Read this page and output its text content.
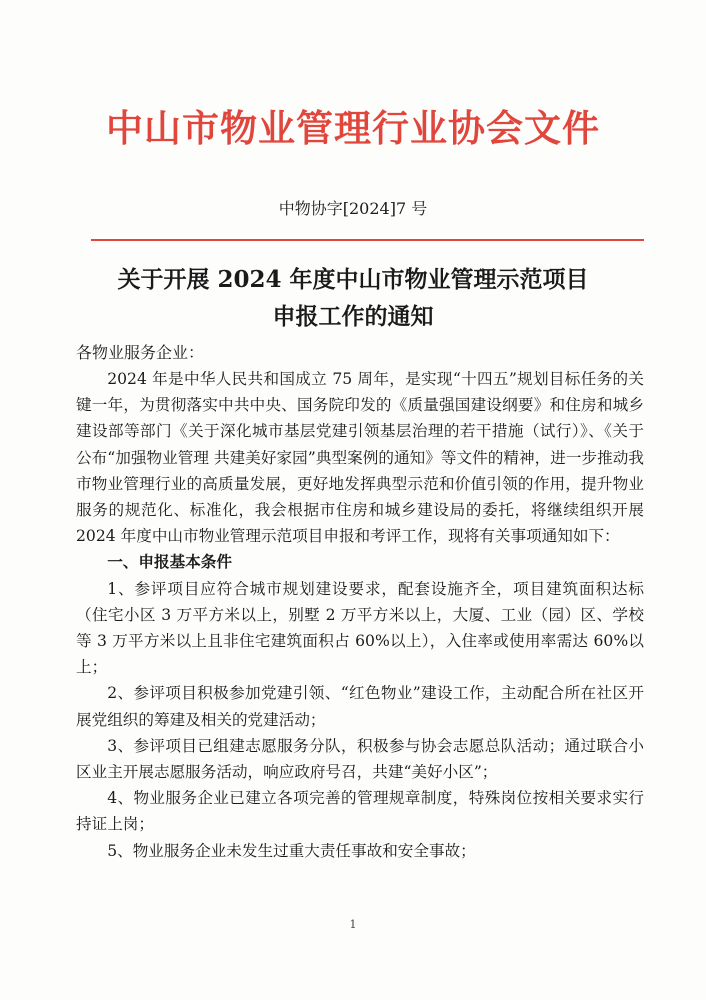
中山市物业管理行业协会文件
中物协字[2024]7 号
关于开展 2024 年度中山市物业管理示范项目
申报工作的通知
各物业服务企业：

2024 年是中华人民共和国成立 75 周年，是实现“十四五”规划目标任务的关键一年，为贯彻落实中共中央、国务院印发的《质量强国建设纲要》和住房和城乡建设部等部门《关于深化城市基层党建引领基层治理的若干措施（试行）》、《关于公布“加强物业管理 共建美好家园”典型案例的通知》等文件的精神，进一步推动我市物业管理行业的高质量发展，更好地发挥典型示范和价值引领的作用，提升物业服务的规范化、标准化，我会根据市住房和城乡建设局的委托，将继续组织开展 2024 年度中山市物业管理示范项目申报和考评工作，现将有关事项通知如下：

一、申报基本条件

1、参评项目应符合城市规划建设要求，配套设施齐全，项目建筑面积达标（住宅小区 3 万平方米以上，别墅 2 万平方米以上，大厦、工业（园）区、学校等 3 万平方米以上且非住宅建筑面积占 60%以上），入住率或使用率需达 60%以上；

2、参评项目积极参加党建引领、“红色物业”建设工作，主动配合所在社区开展党组织的筹建及相关的党建活动；

3、参评项目已组建志愿服务分队，积极参与协会志愿总队活动；通过联合小区业主开展志愿服务活动，响应政府号召，共建“美好小区”；

4、物业服务企业已建立各项完善的管理规章制度，特殊岗位按相关要求实行持证上岗；

5、物业服务企业未发生过重大责任事故和安全事故；

1
